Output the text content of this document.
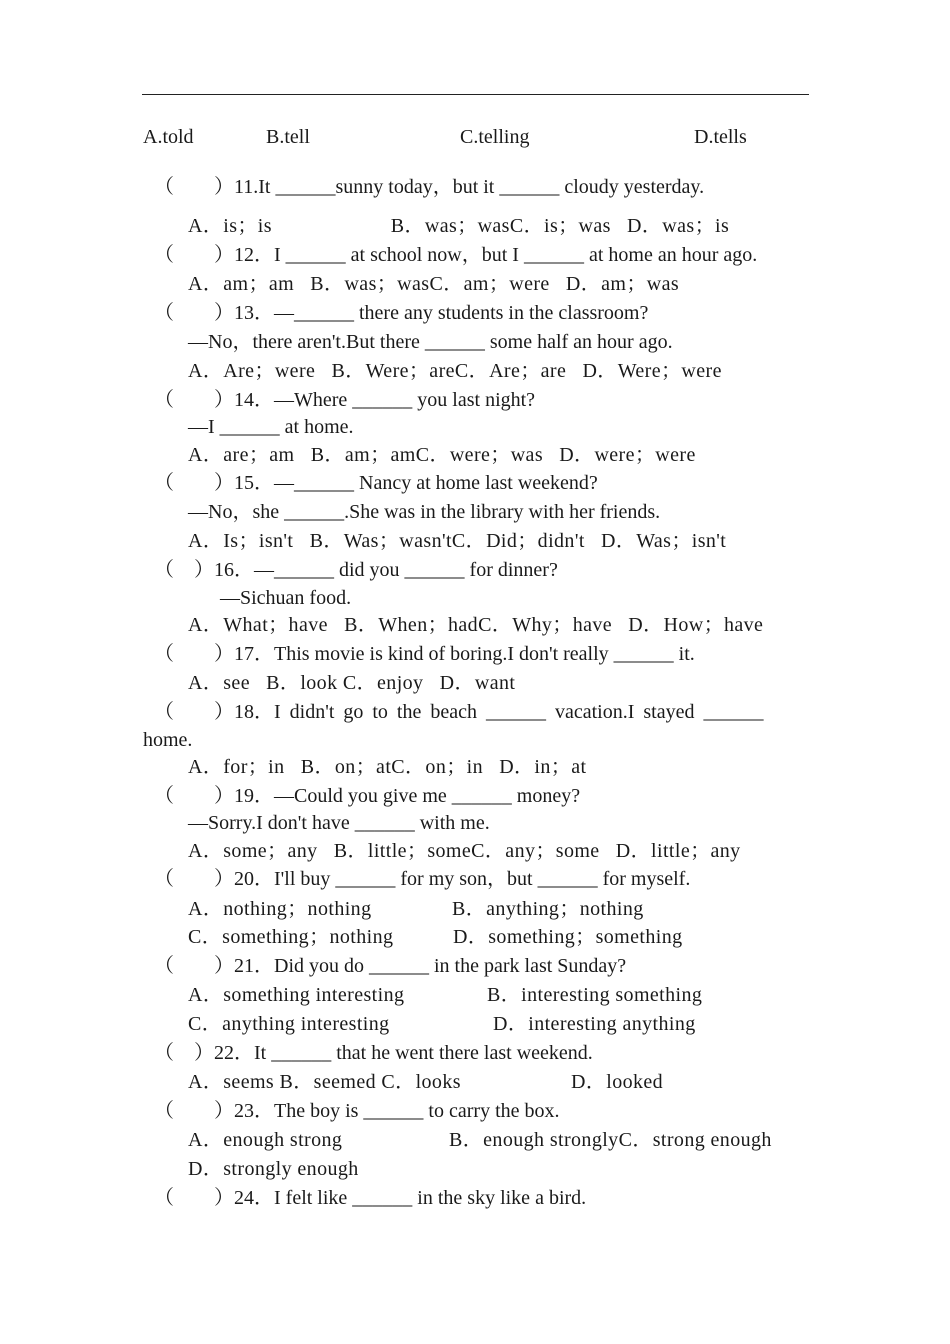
A.told	B.tell	C.telling	D.tells
（　　）11.It ______sunny today，but it ______ cloudy yesterday.
A．is；is                      B．was；wasC．is；was   D．was；is
（　　）12．I ______ at school now，but I ______ at home an hour ago.
A．am；am   B．was；wasC．am；were   D．am；was
（　　）13．—______ there any students in the classroom?
—No，there aren't.But there ______ some half an hour ago.
A．Are；were   B．Were；areC．Are；are   D．Were；were
（　　）14．—Where ______ you last night?
—I ______ at home.
A．are；am   B．am；amC．were；was   D．were；were
（　　）15．—______ Nancy at home last weekend?
—No，she ______.She was in the library with her friends.
A．Is；isn't   B．Was；wasn'tC．Did；didn't   D．Was；isn't
（　）16．—______ did you ______ for dinner?
—Sichuan food.
A．What；have   B．When；hadC．Why；have   D．How；have
（　　）17．This movie is kind of boring.I don't really ______ it.
A．see   B．look C．enjoy   D．want
（　　）18．I didn't go to the beach ______ vacation.I stayed ______
home.
A．for；in   B．on；atC．on；in   D．in；at
（　　）19．—Could you give me ______ money?
—Sorry.I don't have ______ with me.
A．some；any   B．little；someC．any；some   D．little；any
（　　）20．I'll buy ______ for my son，but ______ for myself.
A．nothing；nothing	B．anything；nothing
C．something；nothing	D．something；something
（　　）21．Did you do ______ in the park last Sunday?
A．something interesting	B．interesting something
C．anything interesting	D．interesting anything
（　）22．It ______ that he went there last weekend.
A．seems B．seemed C．looks	D．looked
（　　）23．The boy is ______ to carry the box.
A．enough strong	B．enough stronglyC．strong enough
D．strongly enough
（　　）24．I felt like ______ in the sky like a bird.
